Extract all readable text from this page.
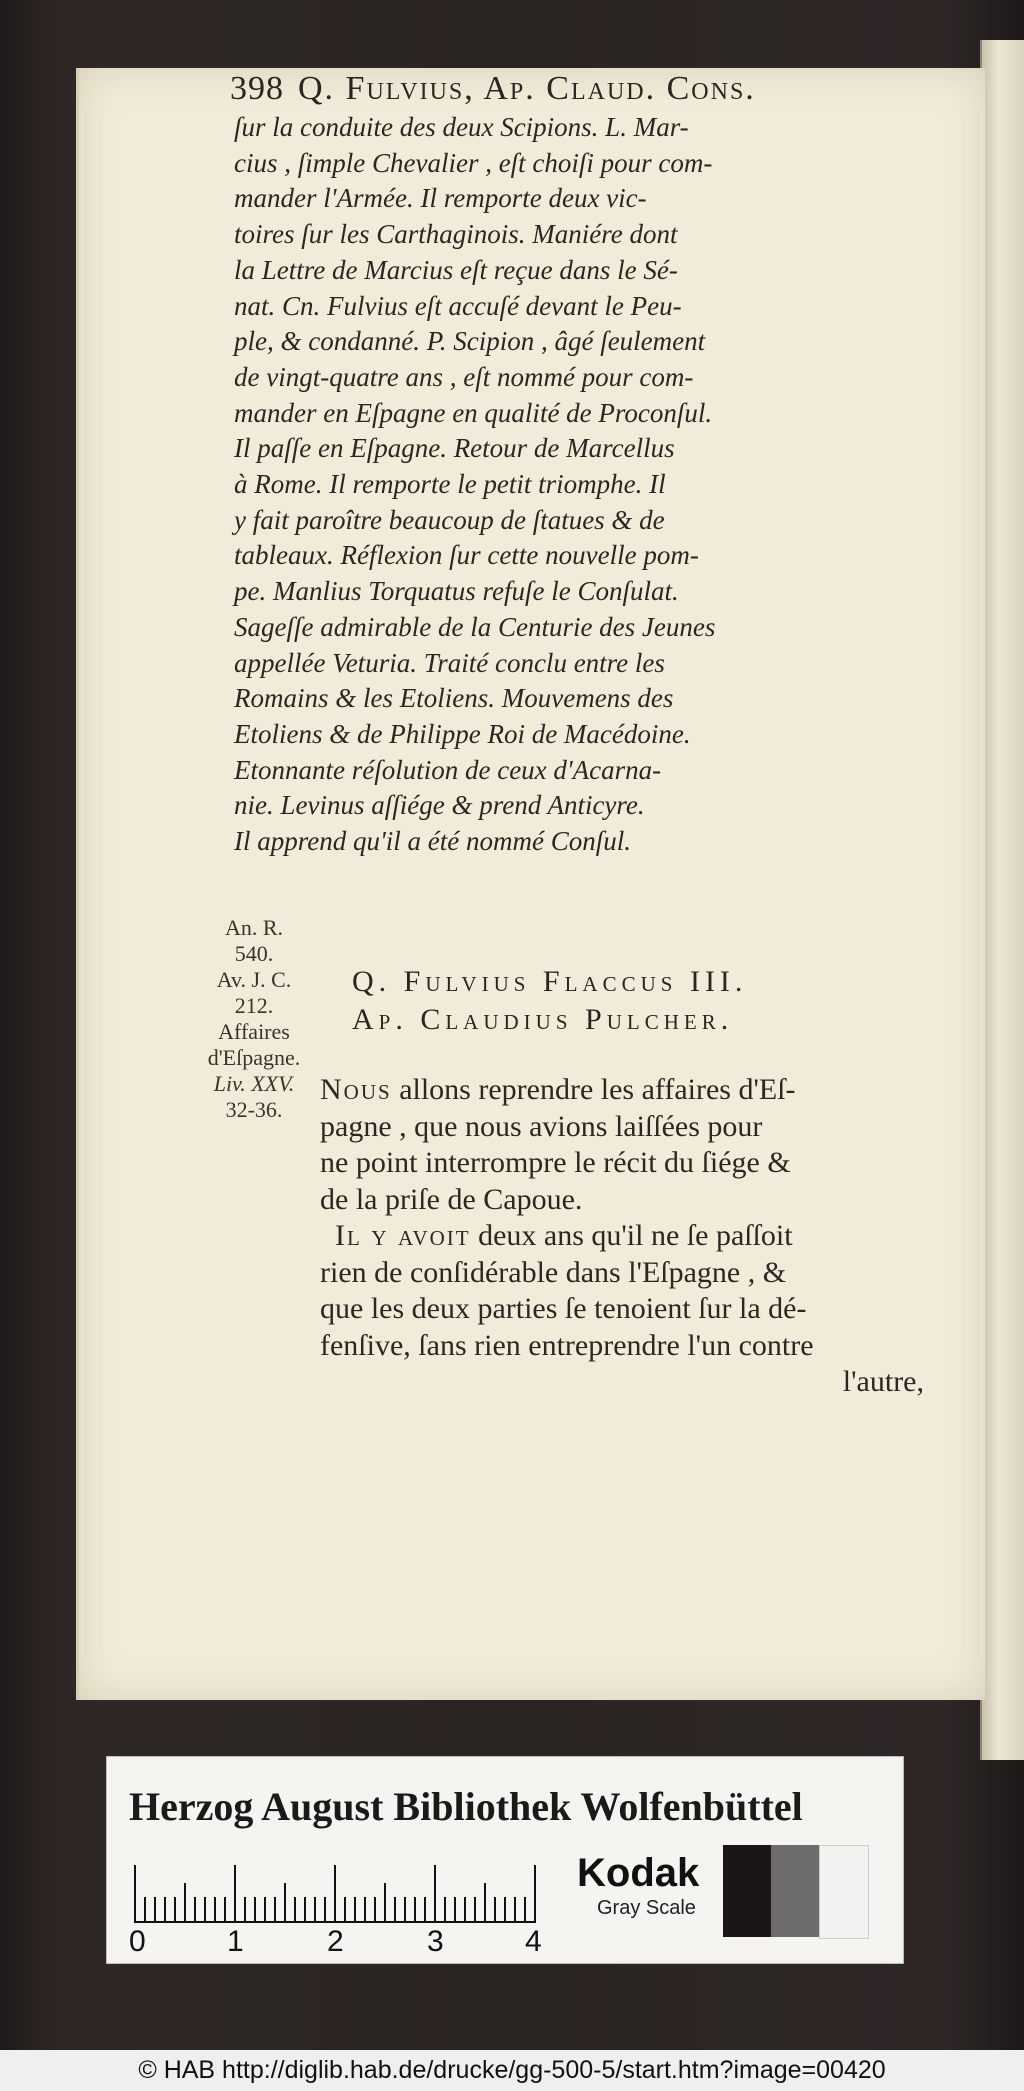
398 Q. Fulvius, Ap. Claud. Cons.
ſur la conduite des deux Scipions. L. Mar-
cius , ſimple Chevalier , eſt choiſi pour com-
mander l'Armée. Il remporte deux vic-
toires ſur les Carthaginois. Maniére dont
la Lettre de Marcius eſt reçue dans le Sé-
nat. Cn. Fulvius eſt accuſé devant le Peu-
ple, & condanné. P. Scipion , âgé ſeulement
de vingt-quatre ans , eſt nommé pour com-
mander en Eſpagne en qualité de Proconſul.
Il paſſe en Eſpagne. Retour de Marcellus
à Rome. Il remporte le petit triomphe. Il
y fait paroître beaucoup de ſtatues & de
tableaux. Réflexion ſur cette nouvelle pom-
pe. Manlius Torquatus refuſe le Conſulat.
Sageſſe admirable de la Centurie des Jeunes
appellée Veturia. Traité conclu entre les
Romains & les Etoliens. Mouvemens des
Etoliens & de Philippe Roi de Macédoine.
Etonnante réſolution de ceux d'Acarna-
nie. Levinus aſſiége & prend Anticyre.
Il apprend qu'il a été nommé Conſul.
An. R.
540.
Av. J. C.
212.
Affaires
d'Eſpagne.
Liv. XXV.
32-36.
Q. Fulvius Flaccus III.
Ap. Claudius Pulcher.
Nous allons reprendre les affaires d'Eſ-
pagne , que nous avions laiſſées pour
ne point interrompre le récit du ſiége &
de la priſe de Capoue.
Il y avoit deux ans qu'il ne ſe paſſoit
rien de conſidérable dans l'Eſpagne , &
que les deux parties ſe tenoient ſur la dé-
fenſive, ſans rien entreprendre l'un contre
l'autre,
Herzog August Bibliothek Wolfenbüttel
0	1	2	3	4
Kodak
Gray Scale
© HAB http://diglib.hab.de/drucke/gg-500-5/start.htm?image=00420
